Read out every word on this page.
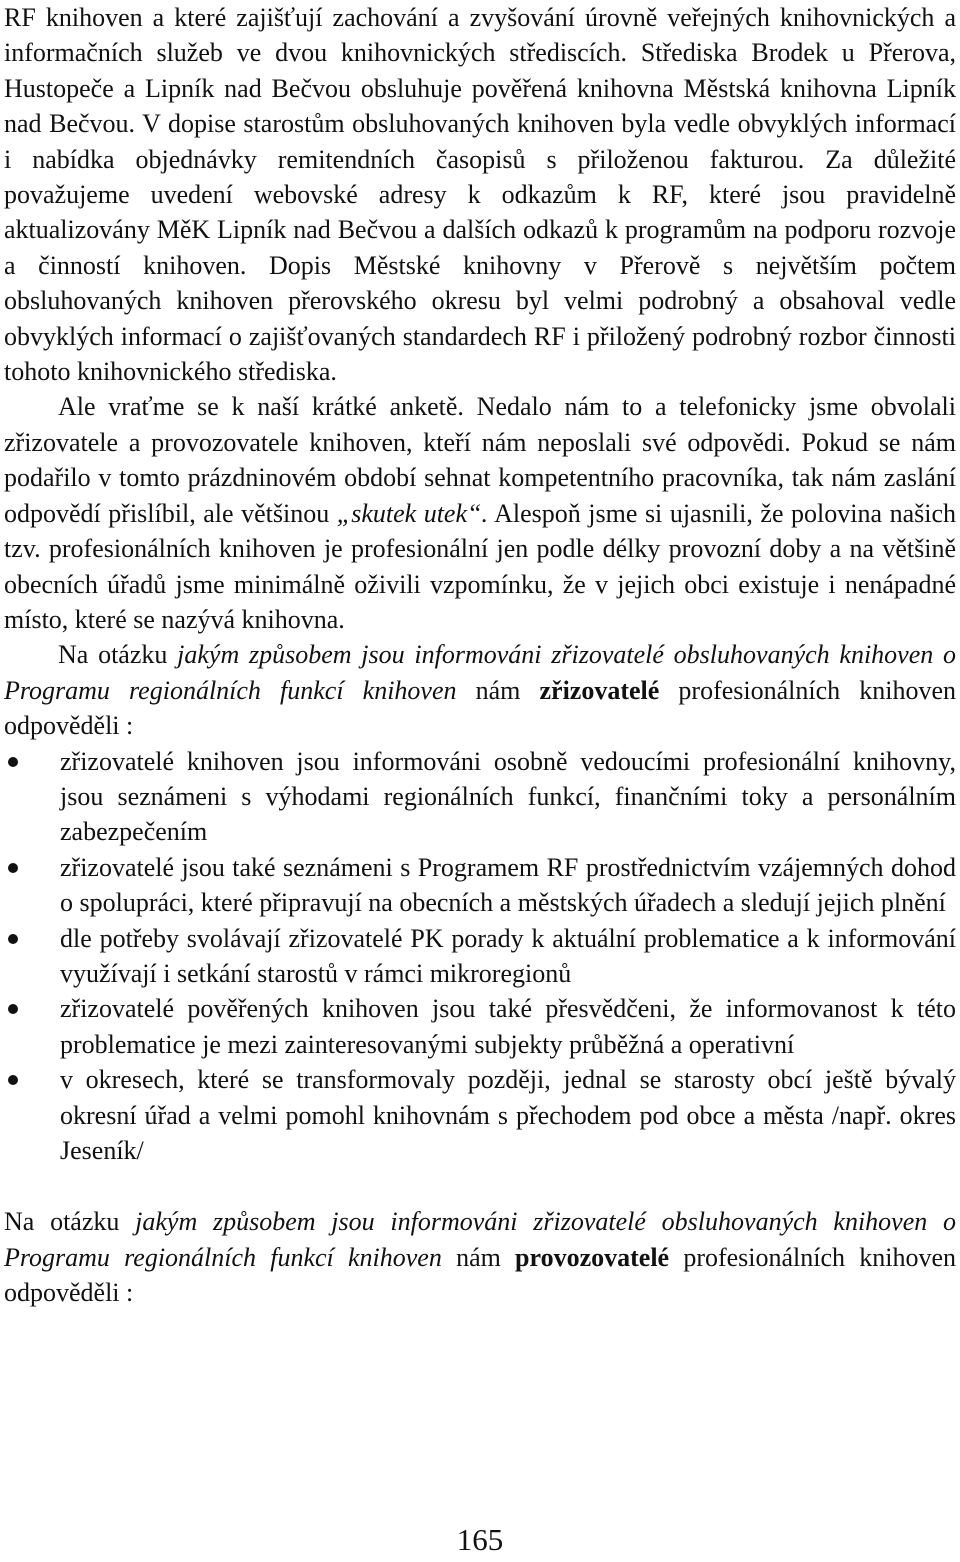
RF knihoven a které zajišťují zachování a zvyšování úrovně veřejných knihovnických a informačních služeb ve dvou knihovnických střediscích. Střediska Brodek u Přerova, Hustopeče a Lipník nad Bečvou obsluhuje pověřená knihovna Městská knihovna Lipník nad Bečvou. V dopise starostům obsluhovaných knihoven byla vedle obvyklých informací i nabídka objednávky remitendních časopisů s přiloženou fakturou. Za důležité považujeme uvedení webovské adresy k odkazům k RF, které jsou pravidelně aktualizovány MěK Lipník nad Bečvou a dalších odkazů k programům na podporu rozvoje a činností knihoven. Dopis Městské knihovny v Přerově s největším počtem obsluhovaných knihoven přerovského okresu byl velmi podrobný a obsahoval vedle obvyklých informací o zajišťovaných standardech RF i přiložený podrobný rozbor činnosti tohoto knihovnického střediska.

Ale vraťme se k naší krátké anketě. Nedalo nám to a telefonicky jsme obvolali zřizovatele a provozovatele knihoven, kteří nám neposlali své odpovědi. Pokud se nám podařilo v tomto prázdninovém období sehnat kompetentního pracovníka, tak nám zaslání odpovědí přislíbil, ale většinou „skutek utek“. Alespoň jsme si ujasnili, že polovina našich tzv. profesionálních knihoven je profesionální jen podle délky provozní doby a na většině obecních úřadů jsme minimálně oživili vzpomínku, že v jejich obci existuje i nenápadné místo, které se nazývá knihovna.

Na otázku jakým způsobem jsou informováni zřizovatelé obsluhovaných knihoven o Programu regionálních funkcí knihoven nám zřizovatelé profesionálních knihoven odpověděli :

zřizovatelé knihoven jsou informováni osobně vedoucími profesionální knihovny, jsou seznámeni s výhodami regionálních funkcí, finančními toky a personálním zabezpečením
zřizovatelé jsou také seznámeni s Programem RF prostřednictvím vzájemných dohod o spolupráci, které připravují na obecních a městských úřadech a sledují jejich plnění
dle potřeby svolávají zřizovatelé PK porady k aktuální problematice a k informování využívají i setkání starostů v rámci mikroregionů
zřizovatelé pověřených knihoven jsou také přesvědčeni, že informovanost k této problematice je mezi zainteresovanými subjekty průběžná a operativní
v okresech, které se transformovaly později, jednal se starosty obcí ještě bývalý okresní úřad a velmi pomohl knihovnám s přechodem pod obce a města /např. okres Jeseník/

Na otázku jakým způsobem jsou informováni zřizovatelé obsluhovaných knihoven o Programu regionálních funkcí knihoven nám provozovatelé profesionálních knihoven odpověděli :

165
